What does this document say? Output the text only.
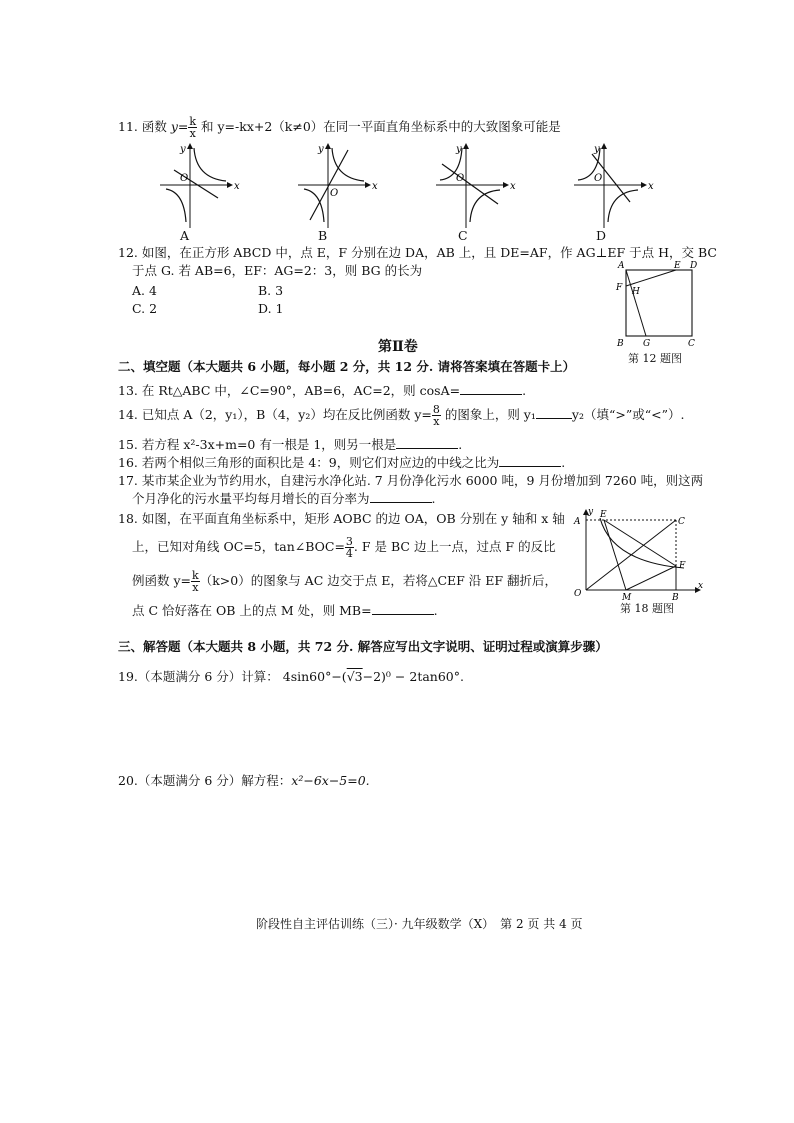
11. 函数 $y= \frac{k}{x}$ 和 y=-kx+2（k≠0）在同一平面直角坐标系中的大致图象可能是
y
x
O
y
x
O
y
x
O
y
x
O
A	B	C	D
12. 如图，在正方形 ABCD 中，点 E，F 分别在边 DA，AB 上，且 DE=AF，作 AG⊥EF 于点 H，交 BC
于点 G. 若 AB=6，EF：AG=2：3，则 BG 的长为
A. 4	B. 3
C. 2	D. 1
A	E D
F H
B G	C
第 12 题图
第Ⅱ卷
二、填空题（本大题共 6 小题，每小题 2 分，共 12 分. 请将答案填在答题卡上）
13. 在 Rt△ABC 中，∠C=90°，AB=6，AC=2，则 cosA=	.
14. 已知点 A（2，y₁），B（4，y₂）均在反比例函数 $y= \frac{8}{x}$ 的图象上，则 y₁	y₂（填“>”或“<”）.
15. 若方程 x²-3x+m=0 有一根是 1，则另一根是	.
16. 若两个相似三角形的面积比是 4：9，则它们对应边的中线之比为	.
17. 某市某企业为节约用水，自建污水净化站. 7 月份净化污水 6000 吨，9 月份增加到 7260 吨，则这两
个月净化的污水量平均每月增长的百分率为	.
18. 如图，在平面直角坐标系中，矩形 AOBC 的边 OA，OB 分别在 y 轴和 x 轴
上，已知对角线 OC=5，tan∠BOC= $\frac{3}{4}$ . F 是 BC 边上一点，过点 F 的反比
例函数 $y= \frac{k}{x} (k>0)$的图象与 AC 边交于点 E，若将△CEF 沿 EF 翻折后，
点 C 恰好落在 OB 上的点 M 处，则 MB=	.
y
A
E
C
F
O	M	B
x
第 18 题图
三、解答题（本大题共 8 小题，共 72 分. 解答应写出文字说明、证明过程或演算步骤）
19.（本题满分 6 分）计算： 4sin60°−(√3−2)⁰ − 2tan60°.
20.（本题满分 6 分）解方程：x²−6x−5=0.
阶段性自主评估训练（三）· 九年级数学（X）　第 2 页 共 4 页
